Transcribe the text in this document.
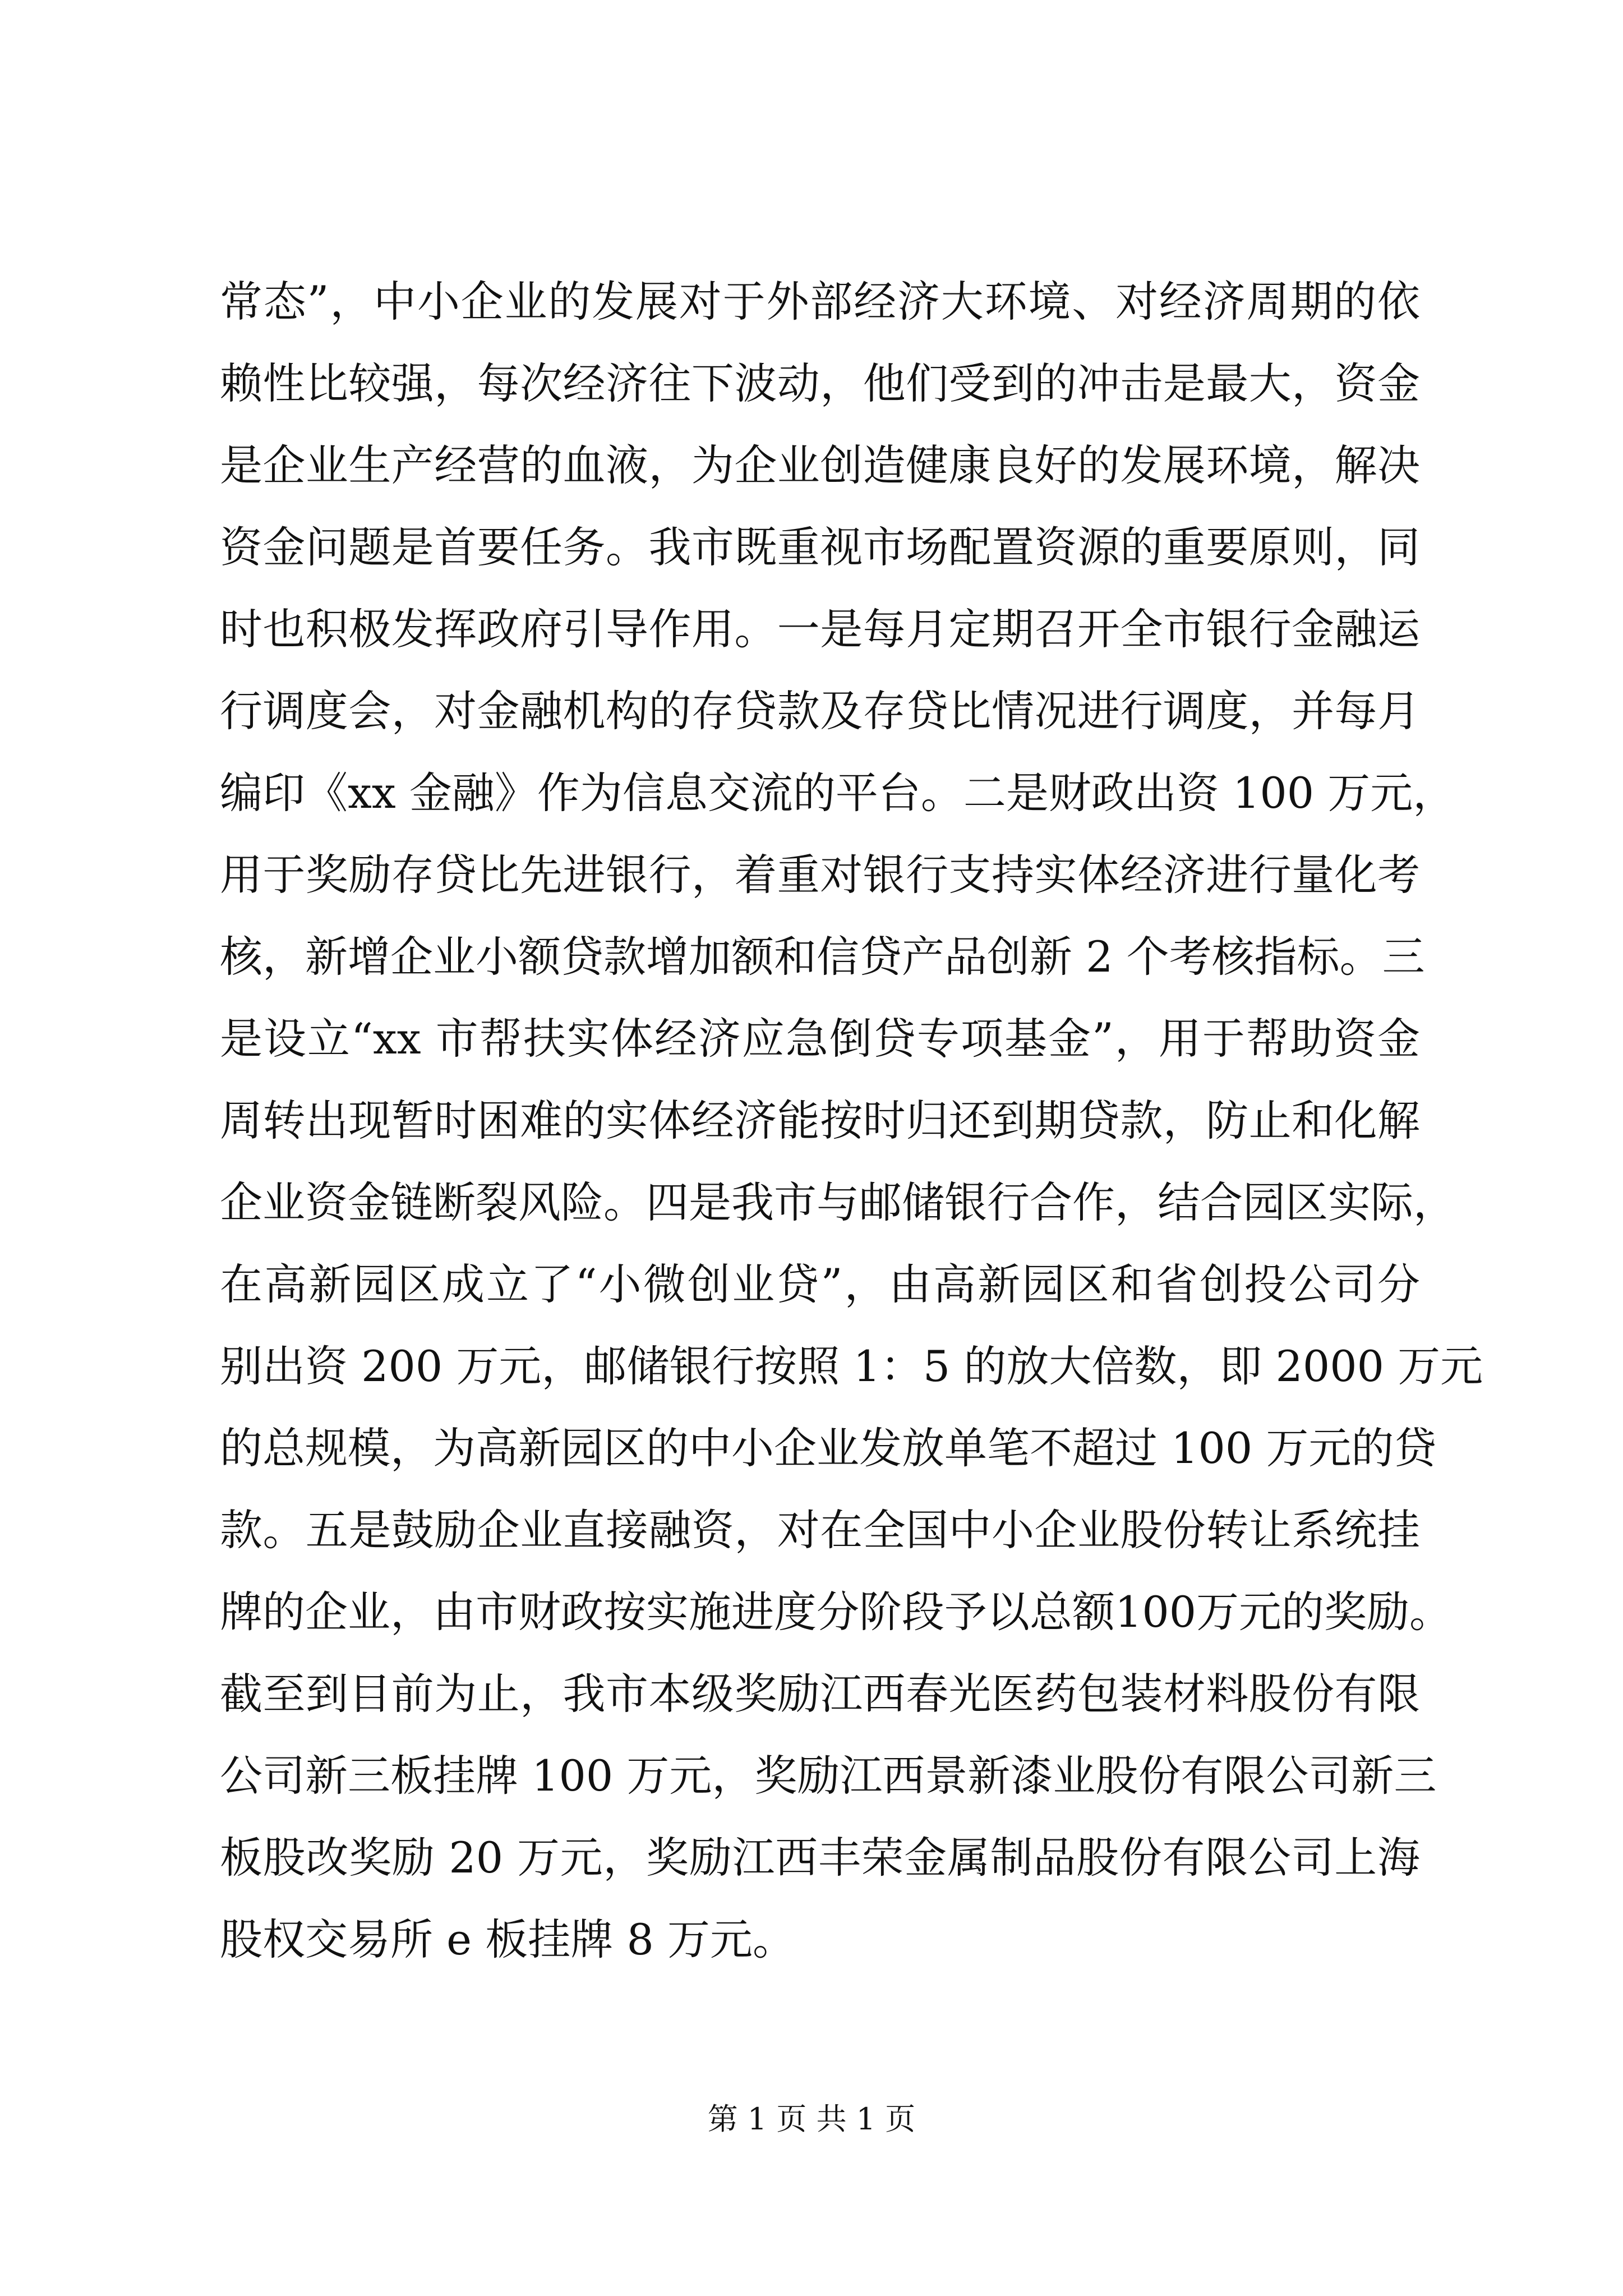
常态”，中小企业的发展对于外部经济大环境、对经济周期的依
赖性比较强，每次经济往下波动，他们受到的冲击是最大，资金
是企业生产经营的血液，为企业创造健康良好的发展环境，解决
资金问题是首要任务。我市既重视市场配置资源的重要原则，同
时也积极发挥政府引导作用。一是每月定期召开全市银行金融运
行调度会，对金融机构的存贷款及存贷比情况进行调度，并每月
编印《xx 金融》作为信息交流的平台。二是财政出资 100 万元，
用于奖励存贷比先进银行，着重对银行支持实体经济进行量化考
核，新增企业小额贷款增加额和信贷产品创新 2 个考核指标。三
是设立“xx 市帮扶实体经济应急倒贷专项基金”，用于帮助资金
周转出现暂时困难的实体经济能按时归还到期贷款，防止和化解
企业资金链断裂风险。四是我市与邮储银行合作，结合园区实际，
在高新园区成立了“小微创业贷”，由高新园区和省创投公司分
别出资 200 万元，邮储银行按照 1：5 的放大倍数，即 2000 万元
的总规模，为高新园区的中小企业发放单笔不超过 100 万元的贷
款。五是鼓励企业直接融资，对在全国中小企业股份转让系统挂
牌的企业，由市财政按实施进度分阶段予以总额100万元的奖励。
截至到目前为止，我市本级奖励江西春光医药包装材料股份有限
公司新三板挂牌 100 万元，奖励江西景新漆业股份有限公司新三
板股改奖励 20 万元，奖励江西丰荣金属制品股份有限公司上海
股权交易所 e 板挂牌 8 万元。
第 1 页 共 1 页
